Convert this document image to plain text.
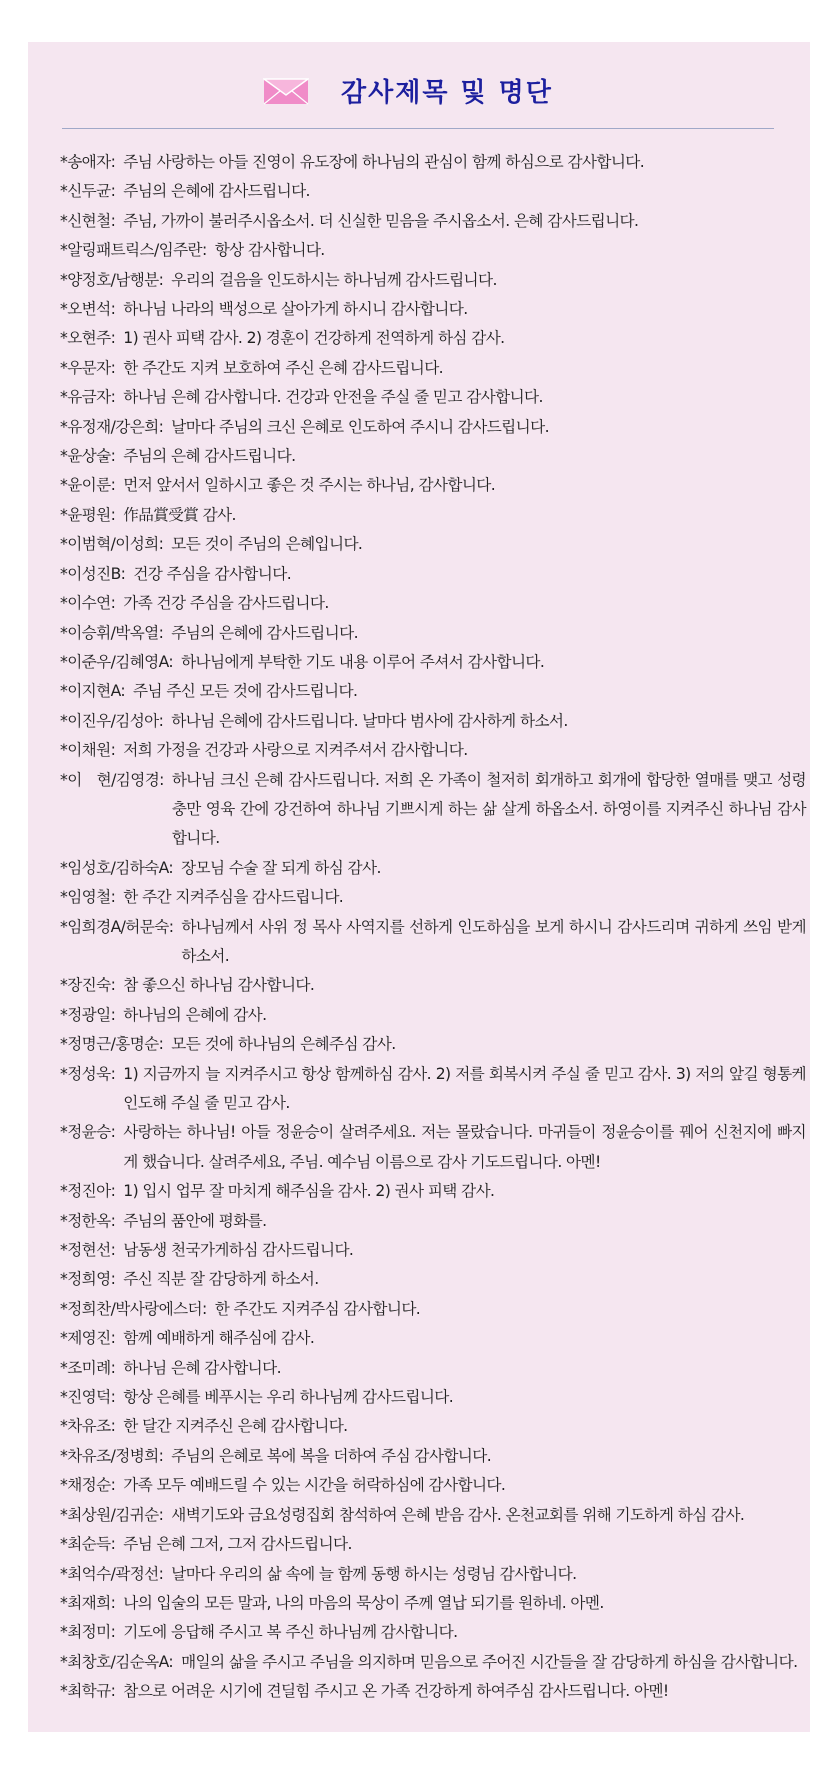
감사제목 및 명단
*송애자: 주님 사랑하는 아들 진영이 유도장에 하나님의 관심이 함께 하심으로 감사합니다.
*신두균: 주님의 은혜에 감사드립니다.
*신현철: 주님, 가까이 불러주시옵소서. 더 신실한 믿음을 주시옵소서. 은혜 감사드립니다.
*알링패트릭스/임주란: 항상 감사합니다.
*양정호/남행분: 우리의 걸음을 인도하시는 하나님께 감사드립니다.
*오변석: 하나님 나라의 백성으로 살아가게 하시니 감사합니다.
*오현주: 1) 권사 피택 감사. 2) 경훈이 건강하게 전역하게 하심 감사.
*우문자: 한 주간도 지켜 보호하여 주신 은혜 감사드립니다.
*유금자: 하나님 은혜 감사합니다. 건강과 안전을 주실 줄 믿고 감사합니다.
*유정재/강은희: 날마다 주님의 크신 은혜로 인도하여 주시니 감사드립니다.
*윤상술: 주님의 은혜 감사드립니다.
*윤이룬: 먼저 앞서서 일하시고 좋은 것 주시는 하나님, 감사합니다.
*윤평원: 作品賞受賞 감사.
*이범혁/이성희: 모든 것이 주님의 은혜입니다.
*이성진B: 건강 주심을 감사합니다.
*이수연: 가족 건강 주심을 감사드립니다.
*이승휘/박옥열: 주님의 은혜에 감사드립니다.
*이준우/김혜영A: 하나님에게 부탁한 기도 내용 이루어 주셔서 감사합니다.
*이지현A: 주님 주신 모든 것에 감사드립니다.
*이진우/김성아: 하나님 은혜에 감사드립니다. 날마다 범사에 감사하게 하소서.
*이채원: 저희 가정을 건강과 사랑으로 지켜주셔서 감사합니다.
*이　현/김영경: 하나님 크신 은혜 감사드립니다. 저희 온 가족이 철저히 회개하고 회개에 합당한 열매를 맺고 성령 충만 영육 간에 강건하여 하나님 기쁘시게 하는 삶 살게 하옵소서. 하영이를 지켜주신 하나님 감사합니다.
*임성호/김하숙A: 장모님 수술 잘 되게 하심 감사.
*임영철: 한 주간 지켜주심을 감사드립니다.
*임희경A/허문숙: 하나님께서 사위 정 목사 사역지를 선하게 인도하심을 보게 하시니 감사드리며 귀하게 쓰임 받게 하소서.
*장진숙: 참 좋으신 하나님 감사합니다.
*정광일: 하나님의 은혜에 감사.
*정명근/홍명순: 모든 것에 하나님의 은혜주심 감사.
*정성욱: 1) 지금까지 늘 지켜주시고 항상 함께하심 감사. 2) 저를 회복시켜 주실 줄 믿고 감사. 3) 저의 앞길 형통케 인도해 주실 줄 믿고 감사.
*정윤승: 사랑하는 하나님! 아들 정윤승이 살려주세요. 저는 몰랐습니다. 마귀들이 정윤승이를 꿰어 신천지에 빠지게 했습니다. 살려주세요, 주님. 예수님 이름으로 감사 기도드립니다. 아멘!
*정진아: 1) 입시 업무 잘 마치게 해주심을 감사. 2) 권사 피택 감사.
*정한옥: 주님의 품안에 평화를.
*정현선: 남동생 천국가게하심 감사드립니다.
*정희영: 주신 직분 잘 감당하게 하소서.
*정희찬/박사랑에스더: 한 주간도 지켜주심 감사합니다.
*제영진: 함께 예배하게 해주심에 감사.
*조미례: 하나님 은혜 감사합니다.
*진영덕: 항상 은혜를 베푸시는 우리 하나님께 감사드립니다.
*차유조: 한 달간 지켜주신 은혜 감사합니다.
*차유조/정병희: 주님의 은혜로 복에 복을 더하여 주심 감사합니다.
*채정순: 가족 모두 예배드릴 수 있는 시간을 허락하심에 감사합니다.
*최상원/김귀순: 새벽기도와 금요성령집회 참석하여 은혜 받음 감사. 온천교회를 위해 기도하게 하심 감사.
*최순득: 주님 은혜 그저, 그저 감사드립니다.
*최억수/곽정선: 날마다 우리의 삶 속에 늘 함께 동행 하시는 성령님 감사합니다.
*최재희: 나의 입술의 모든 말과, 나의 마음의 묵상이 주께 열납 되기를 원하네. 아멘.
*최정미: 기도에 응답해 주시고 복 주신 하나님께 감사합니다.
*최창호/김순옥A: 매일의 삶을 주시고 주님을 의지하며 믿음으로 주어진 시간들을 잘 감당하게 하심을 감사합니다.
*최학규: 참으로 어려운 시기에 견딜힘 주시고 온 가족 건강하게 하여주심 감사드립니다. 아멘!
